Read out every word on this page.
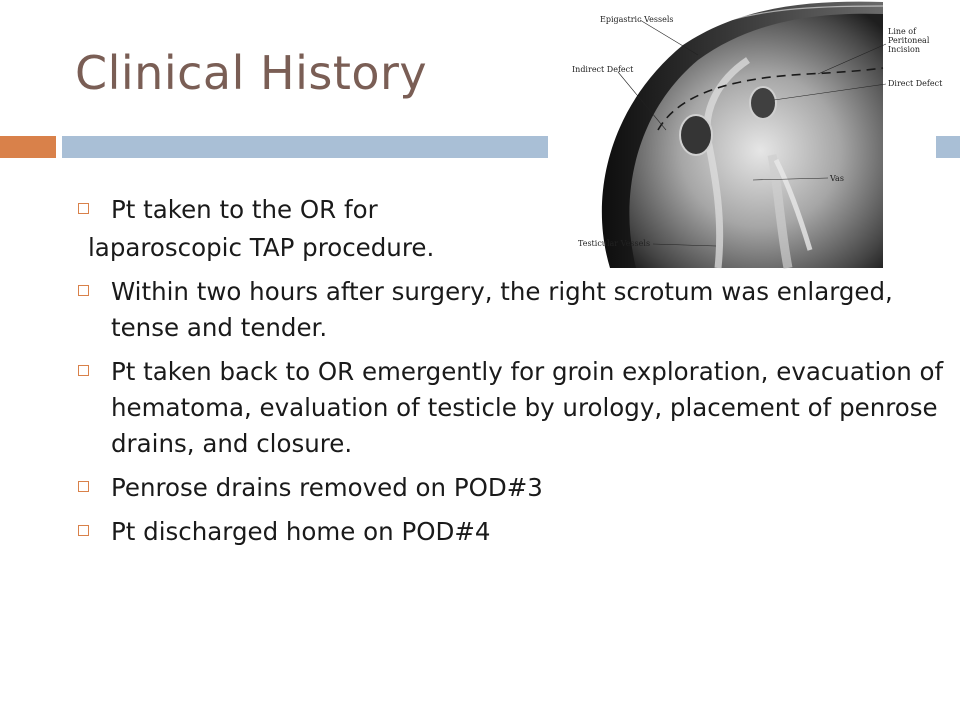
Clinical History
Epigastric Vessels
Line of
Peritoneal
Incision
Indirect Defect
Direct Defect
Vas
Testicular Vessels

Pt taken to the OR for

laparoscopic TAP procedure.

Within two hours after surgery, the right scrotum was enlarged, tense and tender.

Pt taken back to OR emergently for groin exploration, evacuation of hematoma, evaluation of testicle by urology, placement of penrose drains, and closure.

Penrose drains removed on POD#3

Pt discharged home on POD#4
